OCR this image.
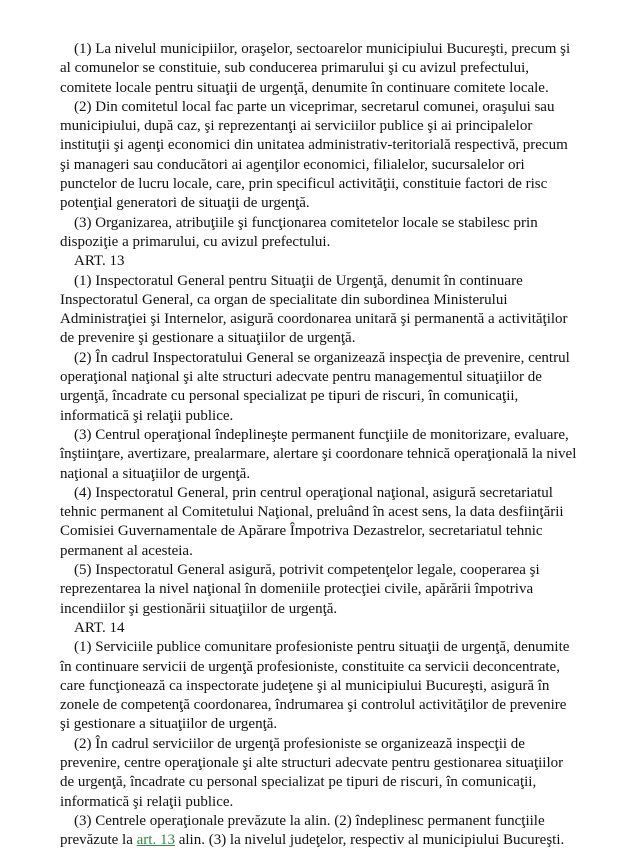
(1) La nivelul municipiilor, oraşelor, sectoarelor municipiului Bucureşti, precum şi al comunelor se constituie, sub conducerea primarului şi cu avizul prefectului, comitete locale pentru situaţii de urgenţă, denumite în continuare comitete locale.

(2) Din comitetul local fac parte un viceprimar, secretarul comunei, oraşului sau municipiului, după caz, şi reprezentanţi ai serviciilor publice şi ai principalelor instituţii şi agenţi economici din unitatea administrativ-teritorială respectivă, precum şi manageri sau conducători ai agenţilor economici, filialelor, sucursalelor ori punctelor de lucru locale, care, prin specificul activităţii, constituie factori de risc potenţial generatori de situaţii de urgenţă.

(3) Organizarea, atribuţiile şi funcţionarea comitetelor locale se stabilesc prin dispoziţie a primarului, cu avizul prefectului.

ART. 13

(1) Inspectoratul General pentru Situaţii de Urgenţă, denumit în continuare Inspectoratul General, ca organ de specialitate din subordinea Ministerului Administraţiei şi Internelor, asigură coordonarea unitară şi permanentă a activităţilor de prevenire şi gestionare a situaţiilor de urgenţă.

(2) În cadrul Inspectoratului General se organizează inspecţia de prevenire, centrul operaţional naţional şi alte structuri adecvate pentru managementul situaţiilor de urgenţă, încadrate cu personal specializat pe tipuri de riscuri, în comunicaţii, informatică şi relaţii publice.

(3) Centrul operaţional îndeplineşte permanent funcţiile de monitorizare, evaluare, înştiinţare, avertizare, prealarmare, alertare şi coordonare tehnică operaţională la nivel naţional a situaţiilor de urgenţă.

(4) Inspectoratul General, prin centrul operaţional naţional, asigură secretariatul tehnic permanent al Comitetului Naţional, preluând în acest sens, la data desfiinţării Comisiei Guvernamentale de Apărare Împotriva Dezastrelor, secretariatul tehnic permanent al acesteia.

(5) Inspectoratul General asigură, potrivit competenţelor legale, cooperarea şi reprezentarea la nivel naţional în domeniile protecţiei civile, apărării împotriva incendiilor şi gestionării situaţiilor de urgenţă.

ART. 14

(1) Serviciile publice comunitare profesioniste pentru situaţii de urgenţă, denumite în continuare servicii de urgenţă profesioniste, constituite ca servicii deconcentrate, care funcţionează ca inspectorate judeţene şi al municipiului Bucureşti, asigură în zonele de competenţă coordonarea, îndrumarea şi controlul activităţilor de prevenire şi gestionare a situaţiilor de urgenţă.

(2) În cadrul serviciilor de urgenţă profesioniste se organizează inspecţii de prevenire, centre operaţionale şi alte structuri adecvate pentru gestionarea situaţiilor de urgenţă, încadrate cu personal specializat pe tipuri de riscuri, în comunicaţii, informatică şi relaţii publice.

(3) Centrele operaţionale prevăzute la alin. (2) îndeplinesc permanent funcţiile prevăzute la art. 13 alin. (3) la nivelul judeţelor, respectiv al municipiului Bucureşti.
